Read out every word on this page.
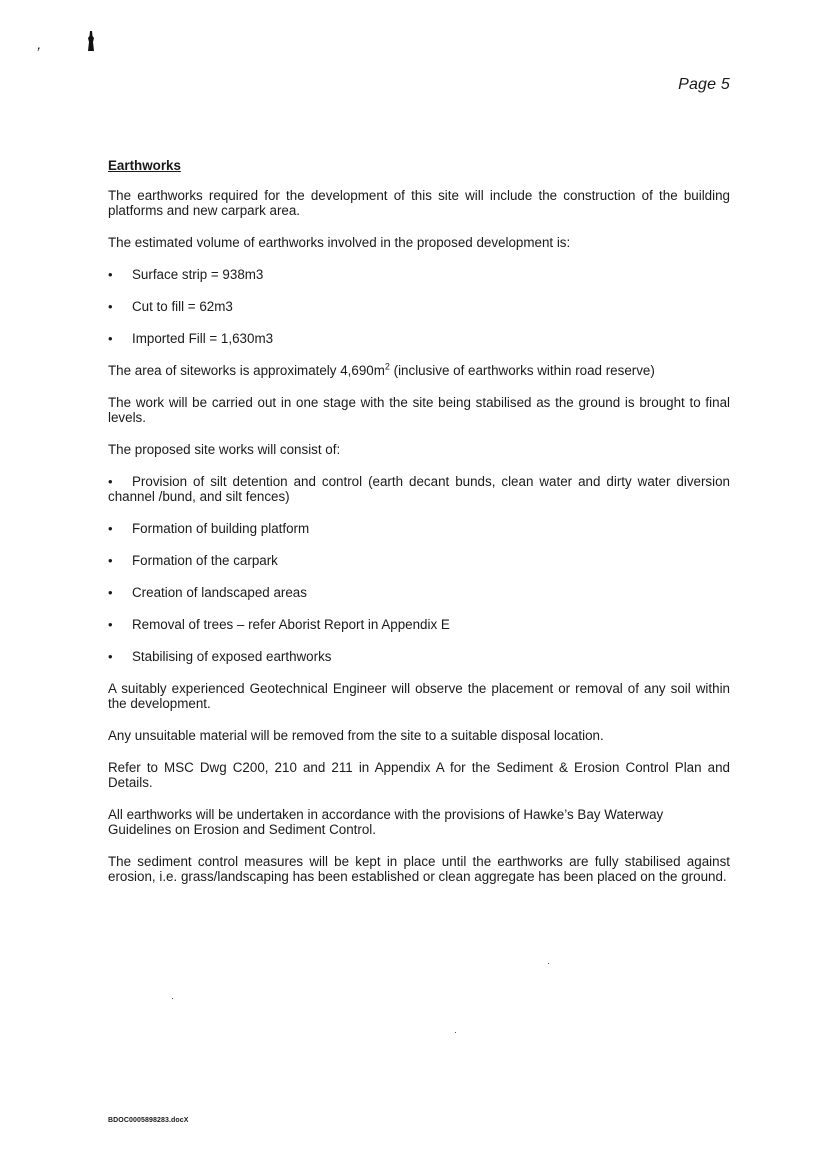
,
Page 5
Earthworks

The earthworks required for the development of this site will include the construction of the building platforms and new carpark area.

The estimated volume of earthworks involved in the proposed development is:

• Surface strip = 938m3
• Cut to fill = 62m3
• Imported Fill = 1,630m3

The area of siteworks is approximately $4,690m^2$ (inclusive of earthworks within road reserve)

The work will be carried out in one stage with the site being stabilised as the ground is brought to final levels.

The proposed site works will consist of:

• Provision of silt detention and control (earth decant bunds, clean water and dirty water diversion channel /bund, and silt fences)
• Formation of building platform
• Formation of the carpark
• Creation of landscaped areas
• Removal of trees – refer Aborist Report in Appendix E
• Stabilising of exposed earthworks

A suitably experienced Geotechnical Engineer will observe the placement or removal of any soil within the development.

Any unsuitable material will be removed from the site to a suitable disposal location.

Refer to MSC Dwg C200, 210 and 211 in Appendix A for the Sediment & Erosion Control Plan and Details.

All earthworks will be undertaken in accordance with the provisions of Hawke’s Bay Waterway Guidelines on Erosion and Sediment Control.

The sediment control measures will be kept in place until the earthworks are fully stabilised against erosion, i.e. grass/landscaping has been established or clean aggregate has been placed on the ground.

BDOC0005898283.docX
